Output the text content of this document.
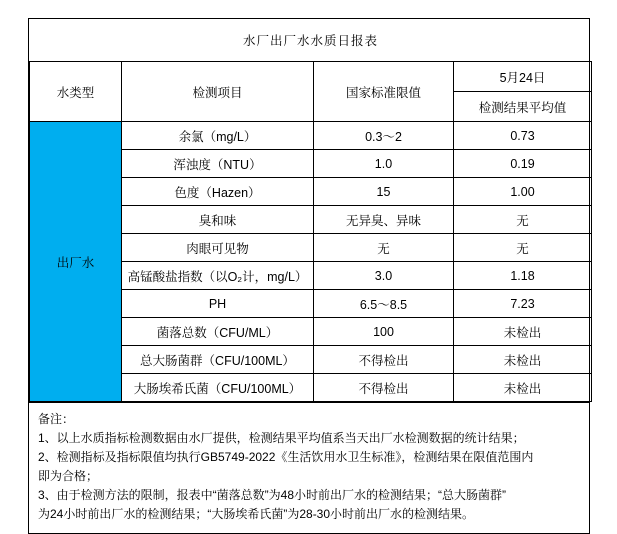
水厂出厂水水质日报表			
水类型	检测项目	国家标准限值	5月24日
			检测结果平均值
出厂水	余氯（mg/L）	0.3～2	0.73
	浑浊度（NTU）	1.0	0.19
	色度（Hazen）	15	1.00
	臭和味	无异臭、异味	无
	肉眼可见物	无	无
	高锰酸盐指数（以O₂计，mg/L）	3.0	1.18
	PH	6.5～8.5	7.23
	菌落总数（CFU/ML）	100	未检出
	总大肠菌群（CFU/100ML）	不得检出	未检出
	大肠埃希氏菌（CFU/100ML）	不得检出	未检出
备注：
1、以上水质指标检测数据由水厂提供，检测结果平均值系当天出厂水检测数据的统计结果；
2、检测指标及指标限值均执行GB5749-2022《生活饮用水卫生标准》，检测结果在限值范围内
即为合格；
3、由于检测方法的限制，报表中“菌落总数”为48小时前出厂水的检测结果；“总大肠菌群”
为24小时前出厂水的检测结果；“大肠埃希氏菌”为28-30小时前出厂水的检测结果。
